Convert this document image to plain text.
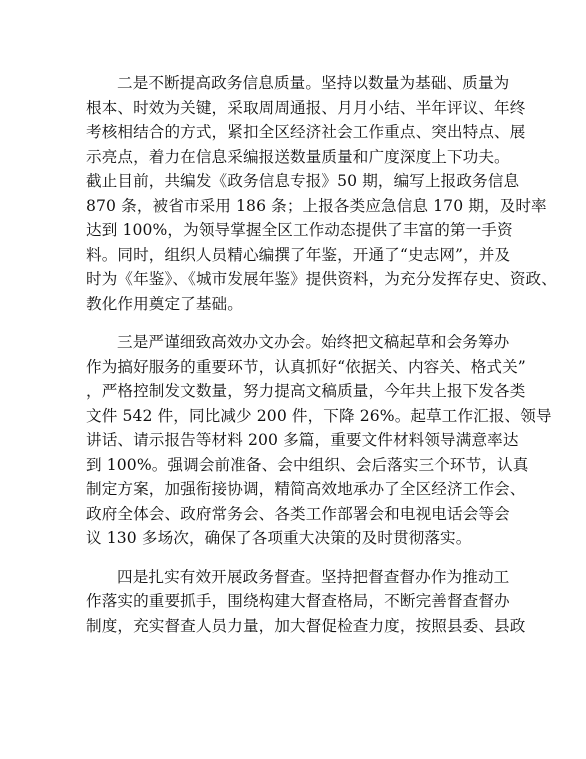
二是不断提高政务信息质量。坚持以数量为基础、质量为
根本、时效为关键，采取周周通报、月月小结、半年评议、年终
考核相结合的方式，紧扣全区经济社会工作重点、突出特点、展
示亮点，着力在信息采编报送数量质量和广度深度上下功夫。
截止目前，共编发《政务信息专报》50 期，编写上报政务信息
870 条，被省市采用 186 条；上报各类应急信息 170 期，及时率
达到 100%，为领导掌握全区工作动态提供了丰富的第一手资
料。同时，组织人员精心编撰了年鉴，开通了“史志网”，并及
时为《年鉴》、《城市发展年鉴》提供资料，为充分发挥存史、资政、
教化作用奠定了基础。
三是严谨细致高效办文办会。始终把文稿起草和会务筹办
作为搞好服务的重要环节，认真抓好“依据关、内容关、格式关”
，严格控制发文数量，努力提高文稿质量，今年共上报下发各类
文件 542 件，同比减少 200 件，下降 26%。起草工作汇报、领导
讲话、请示报告等材料 200 多篇，重要文件材料领导满意率达
到 100%。强调会前准备、会中组织、会后落实三个环节，认真
制定方案，加强衔接协调，精简高效地承办了全区经济工作会、
政府全体会、政府常务会、各类工作部署会和电视电话会等会
议 130 多场次，确保了各项重大决策的及时贯彻落实。
四是扎实有效开展政务督查。坚持把督查督办作为推动工
作落实的重要抓手，围绕构建大督查格局，不断完善督查督办
制度，充实督查人员力量，加大督促检查力度，按照县委、县政
